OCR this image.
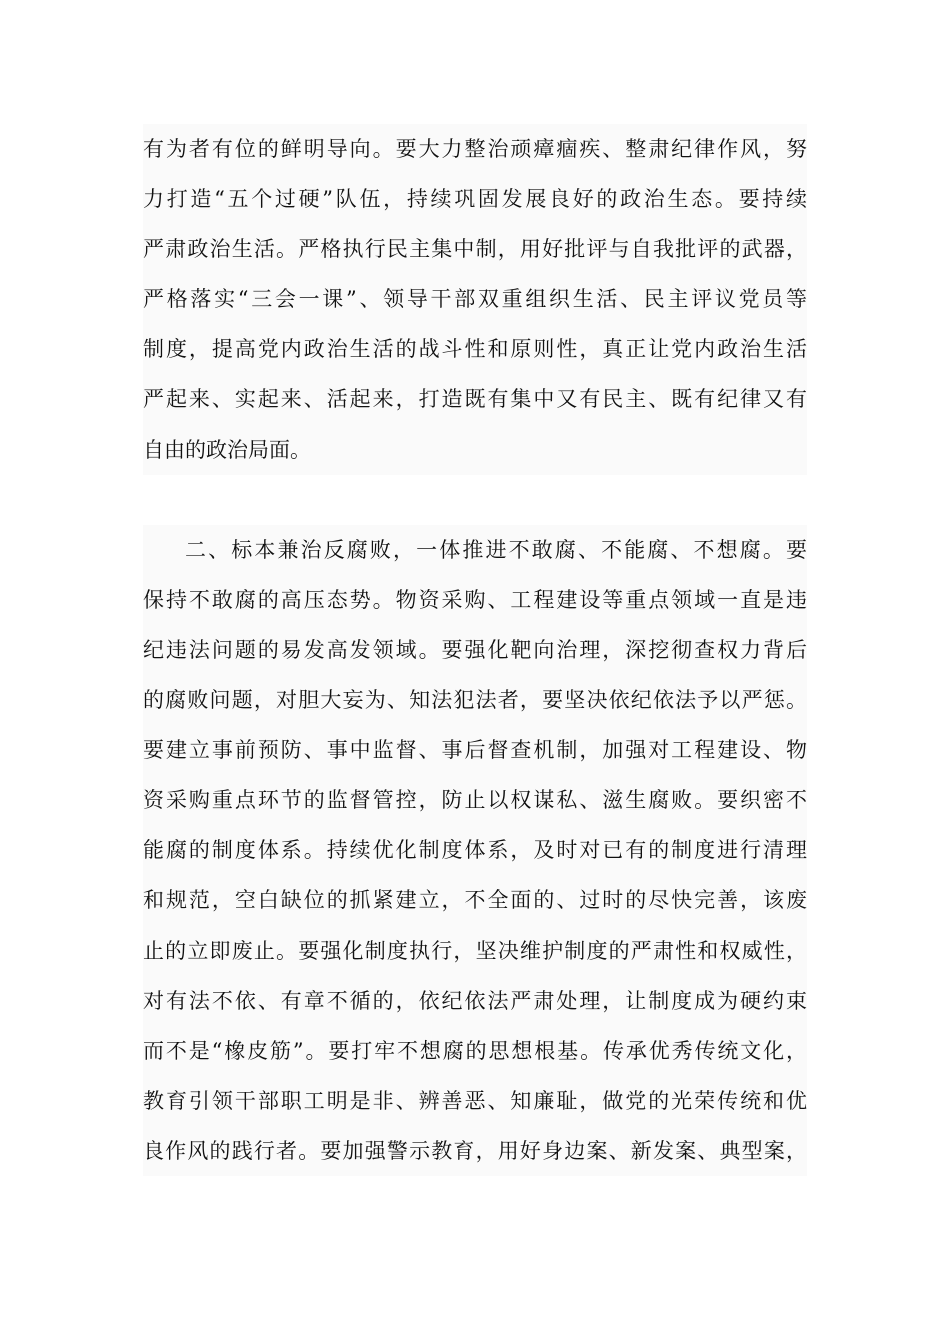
有为者有位的鲜明导向。要大力整治顽瘴痼疾、整肃纪律作风，努
力打造“五个过硬”队伍，持续巩固发展良好的政治生态。要持续
严肃政治生活。严格执行民主集中制，用好批评与自我批评的武器，
严格落实“三会一课”、领导干部双重组织生活、民主评议党员等
制度，提高党内政治生活的战斗性和原则性，真正让党内政治生活
严起来、实起来、活起来，打造既有集中又有民主、既有纪律又有
自由的政治局面。
二、标本兼治反腐败，一体推进不敢腐、不能腐、不想腐。要
保持不敢腐的高压态势。物资采购、工程建设等重点领域一直是违
纪违法问题的易发高发领域。要强化靶向治理，深挖彻查权力背后
的腐败问题，对胆大妄为、知法犯法者，要坚决依纪依法予以严惩。
要建立事前预防、事中监督、事后督查机制，加强对工程建设、物
资采购重点环节的监督管控，防止以权谋私、滋生腐败。要织密不
能腐的制度体系。持续优化制度体系，及时对已有的制度进行清理
和规范，空白缺位的抓紧建立，不全面的、过时的尽快完善，该废
止的立即废止。要强化制度执行，坚决维护制度的严肃性和权威性，
对有法不依、有章不循的，依纪依法严肃处理，让制度成为硬约束
而不是“橡皮筋”。要打牢不想腐的思想根基。传承优秀传统文化，
教育引领干部职工明是非、辨善恶、知廉耻，做党的光荣传统和优
良作风的践行者。要加强警示教育，用好身边案、新发案、典型案，
